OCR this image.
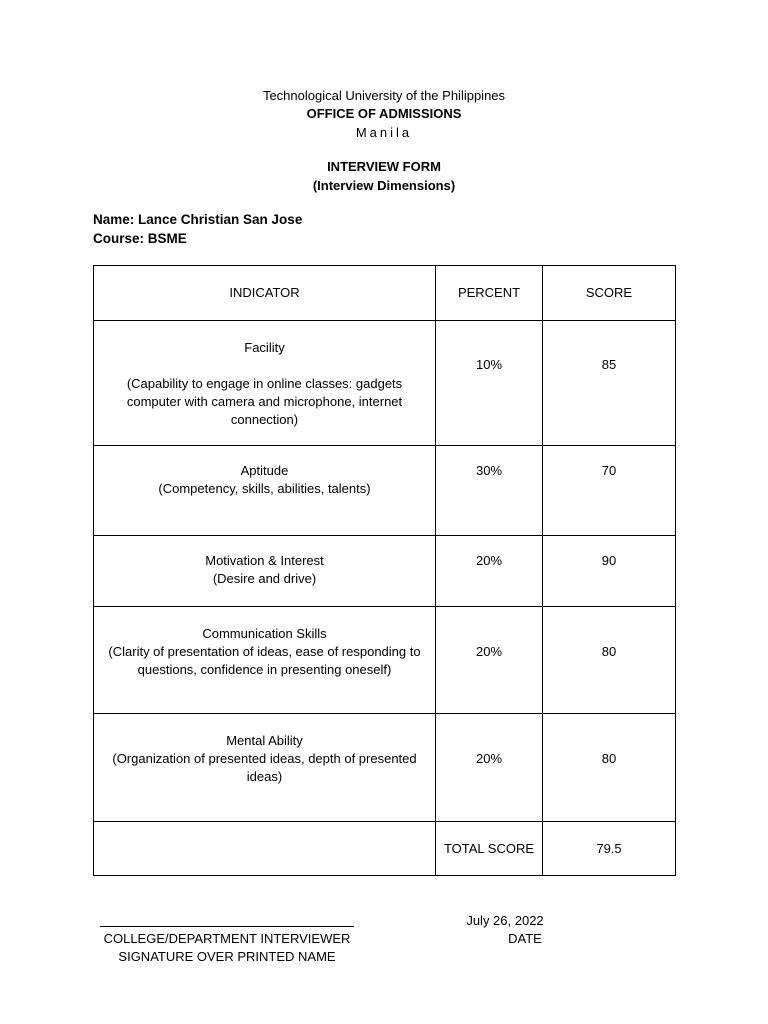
Technological University of the Philippines

OFFICE OF ADMISSIONS

Manila

INTERVIEW FORM

(Interview Dimensions)

Name: Lance Christian San Jose
Course: BSME
INDICATOR	PERCENT	SCORE

Facility
(Capability to engage in online classes: gadgets computer with camera and microphone, internet connection)	10%	85

Aptitude
(Competency, skills, abilities, talents)	30%	70

Motivation & Interest
(Desire and drive)	20%	90

Communication Skills
(Clarity of presentation of ideas, ease of responding to questions, confidence in presenting oneself)	20%	80

Mental Ability
(Organization of presented ideas, depth of presented ideas)	20%	80
	TOTAL SCORE	79.5
COLLEGE/DEPARTMENT INTERVIEWER
SIGNATURE OVER PRINTED NAME
July 26, 2022
DATE
